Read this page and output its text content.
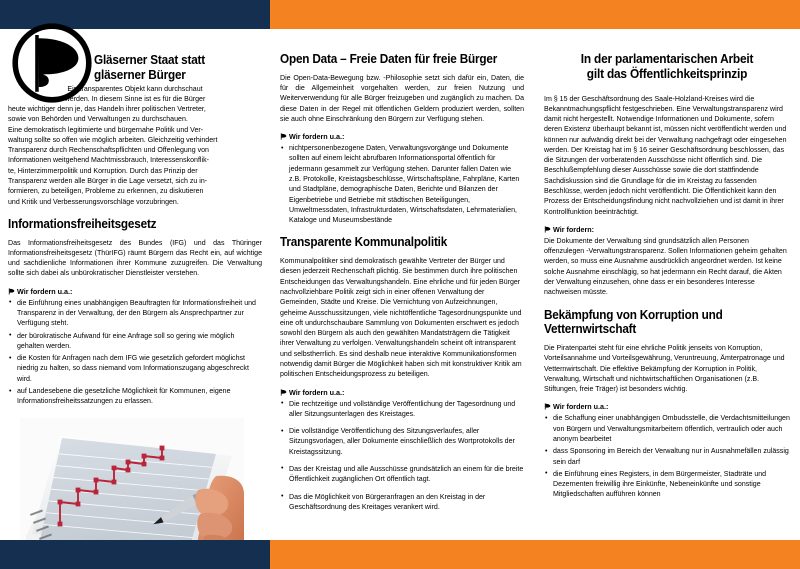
Gläserner Staat statt gläserner Bürger

Ein transparentes Objekt kann durchschaut
werden. In diesem Sinne ist es für die Bürger
heute wichtiger denn je, das Handeln ihrer politischen Vertreter,
sowie von Behörden und Verwaltungen zu durchschauen.
Eine demokratisch legitimierte und bürgernahe Politik und Ver-
waltung sollte so offen wie möglich arbeiten. Gleichzeitig verhindert
Transparenz durch Rechenschaftspflichten und Offenlegung von
Informationen weitgehend Machtmissbrauch, Interessenskonflik-
te, Hinterzimmerpolitik und Korruption. Durch das Prinzip der
Transparenz werden alle Bürger in die Lage versetzt, sich zu in-
formieren, zu beteiligen, Probleme zu erkennen, zu diskutieren
und Kritik und Verbesserungsvorschläge vorzubringen.

Informationsfreiheitsgesetz

Das Informationsfreiheitsgesetz des Bundes (IFG) und das Thüringer Informationsfreiheitsgesetz (ThürIFG) räumt Bürgern das Recht ein, auf wichtige und sachdienliche Informationen ihrer Kommune zuzugreifen. Die Verwaltung sollte sich dabei als unbürokratischer Dienstleister verstehen.

Wir fordern u.a.:
• die Einführung eines unabhängigen Beauftragten für Informationsfreiheit und Transparenz in der Verwaltung, der den Bürgern als Ansprechpartner zur Verfügung steht.
• der bürokratische Aufwand für eine Anfrage soll so gering wie möglich gehalten werden.
• die Kosten für Anfragen nach dem IFG wie gesetzlich gefordert möglichst niedrig zu halten, so dass niemand vom Informationszugang abgeschreckt wird.
• auf Landesebene die gesetzliche Möglichkeit für Kommunen, eigene Informationsfreiheitssatzungen zu erlassen.
Open Data – Freie Daten für freie Bürger

Die Open-Data-Bewegung bzw. -Philosophie setzt sich dafür ein, Daten, die für die Allgemeinheit vorgehalten werden, zur freien Nutzung und Weiterverwendung für alle Bürger freizugeben und zugänglich zu machen. Da diese Daten in der Regel mit öffentlichen Geldern produziert werden, sollten sie auch ohne Einschränkung den Bürgern zur Verfügung stehen.

Wir fordern u.a.:
• nichtpersonenbezogene Daten, Verwaltungsvorgänge und Dokumente sollten auf einem leicht abrufbaren Informationsportal öffentlich für jedermann gesammelt zur Verfügung stehen. Darunter fallen Daten wie z.B. Protokolle, Kreistagsbeschlüsse, Wirtschaftspläne, Fahrpläne, Karten und Stadtpläne, demographische Daten, Berichte und Bilanzen der Eigenbetriebe und Betriebe mit städtischen Beteiligungen, Umweltmessdaten, Infrastrukturdaten, Wirtschaftsdaten, Lehrmaterialien, Kataloge und Museumsbestände
Transparente Kommunalpolitik

Kommunalpolitiker sind demokratisch gewählte Vertreter der Bürger und diesen jederzeit Rechenschaft plichtig. Sie bestimmen durch ihre politischen Entscheidungen das Verwaltungshandeln. Eine ehrliche und für jeden Bürger nachvollziehbare Politik zeigt sich in einer offenen Verwaltung der Gemeinden, Städte und Kreise. Die Vernichtung von Aufzeichnungen, geheime Ausschussitzungen, viele nichtöffentliche Tagesordnungspunkte und eine oft undurchschaubare Sammlung von Dokumenten erschwert es jedoch sowohl den Bürgern als auch den gewählten Mandatsträgern die Tätigkeit ihrer Verwaltung zu verfolgen. Verwaltungshandeln scheint oft intransparent und selbstherrlich. Es sind deshalb neue interaktive Kommunikationsformen notwendig damit Bürger die Möglichkeit haben sich mit konstruktiver Kritik am politischen Entscheidungsprozess zu beteiligen.

Wir fordern u.a.:
• Die rechtzeitige und vollständige Veröffentlichung der Tagesordnung und aller Sitzungsunterlagen des Kreistages.
• Die vollständige Veröffentlichung des Sitzungsverlaufes, aller Sitzungsvorlagen, aller Dokumente einschließlich des Wortprotokolls der Kreistagssitzung.
• Das der Kreistag und alle Ausschüsse grundsätzlich an einem für die breite Öffentlichkeit zugänglichen Ort öffentlich tagt.
• Das die Möglichkeit von Bürgeranfragen an den Kreistag in der Geschäftsordnung des Kreitages verankert wird.
In der parlamentarischen Arbeit
gilt das Öffentlichkeitsprinzip

Im § 15 der Geschäftsordnung des Saale-Holzland-Kreises wird die Bekanntmachungspflicht festgeschrieben. Eine Verwaltungstransparenz wird damit nicht hergestellt. Notwendige Informationen und Dokumente, sofern deren Existenz überhaupt bekannt ist, müssen nicht veröffentlicht werden und können nur aufwändig direkt bei der Verwaltung nachgefragt oder eingesehen werden. Der Kreistag hat im § 16 seiner Geschäftsordnung beschlossen, das die Sitzungen der vorberatenden Ausschüsse nicht öffentlich sind. Die Beschlußempfehlung dieser Ausschüsse sowie die dort stattfindende Sachdiskussion sind die Grundlage für die im Kreistag zu fassenden Beschlüsse, werden jedoch nicht veröffentlicht. Die Öffentlichkeit kann den Prozess der Entscheidungsfindung nicht nachvollziehen und ist damit in ihrer Kontrollfunktion beeinträchtigt.

Wir fordern:

Die Dokumente der Verwaltung sind grundsätzlich allen Personen offenzulegen -Verwaltungstransparenz. Sollen Informationen geheim gehalten werden, so muss eine Ausnahme ausdrücklich angeordnet werden. Ist keine solche Ausnahme einschlägig, so hat jedermann ein Recht darauf, die Akten der Verwaltung einzusehen, ohne dass er ein besonderes Interesse nachweisen müsste.

Bekämpfung von Korruption und
Vetternwirtschaft

Die Piratenpartei steht für eine ehrliche Politik jenseits von Korruption, Vorteilsannahme und Vorteilsgewährung, Veruntreuung, Ämterpatronage und Vetternwirtschaft. Die effektive Bekämpfung der Korruption in Politik, Verwaltung, Wirtschaft und nichtwirtschaftlichen Organisationen (z.B. Stiftungen, freie Träger) ist besonders wichtig.

Wir fordern u.a.:
• die Schaffung einer unabhängigen Ombudsstelle, die Verdachtsmitteilungen von Bürgern und Verwaltungsmitarbeitern öffentlich, vertraulich oder auch anonym bearbeitet
• dass Sponsoring im Bereich der Verwaltung nur in Ausnahmefällen zulässig sein darf
• die Einführung eines Registers, in dem Bürgermeister, Stadträte und Dezernenten freiwillig ihre Einkünfte, Nebeneinkünfte und sonstige Mitgliedschaften aufführen können
